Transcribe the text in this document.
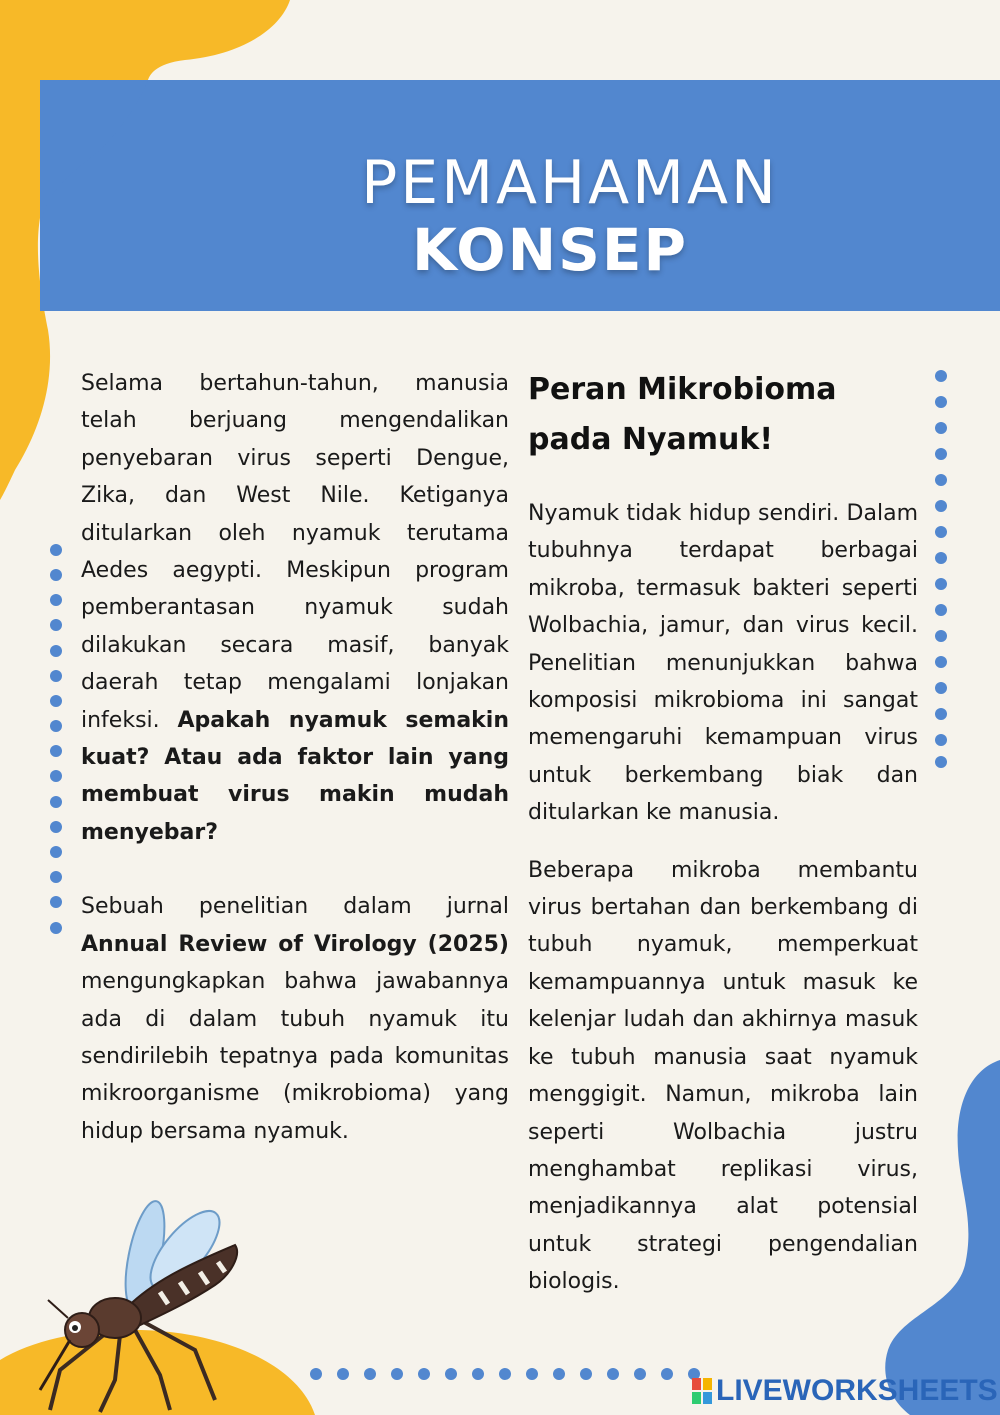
PEMAHAMAN
KONSEP

Selama bertahun-tahun, manusia telah berjuang mengendalikan penyebaran virus seperti Dengue, Zika, dan West Nile. Ketiganya ditularkan oleh nyamuk terutama Aedes aegypti. Meskipun program pemberantasan nyamuk sudah dilakukan secara masif, banyak daerah tetap mengalami lonjakan infeksi. Apakah nyamuk semakin kuat? Atau ada faktor lain yang membuat virus makin mudah menyebar?

Sebuah penelitian dalam jurnal Annual Review of Virology (2025) mengungkapkan bahwa jawabannya ada di dalam tubuh nyamuk itu sendirilebih tepatnya pada komunitas mikroorganisme (mikrobioma) yang hidup bersama nyamuk.

Peran Mikrobioma pada Nyamuk!

Nyamuk tidak hidup sendiri. Dalam tubuhnya terdapat berbagai mikroba, termasuk bakteri seperti Wolbachia, jamur, dan virus kecil. Penelitian menunjukkan bahwa komposisi mikrobioma ini sangat memengaruhi kemampuan virus untuk berkembang biak dan ditularkan ke manusia.

Beberapa mikroba membantu virus bertahan dan berkembang di tubuh nyamuk, memperkuat kemampuannya untuk masuk ke kelenjar ludah dan akhirnya masuk ke tubuh manusia saat nyamuk menggigit. Namun, mikroba lain seperti Wolbachia justru menghambat replikasi virus, menjadikannya alat potensial untuk strategi pengendalian biologis.

LIVEWORKSHEETS
